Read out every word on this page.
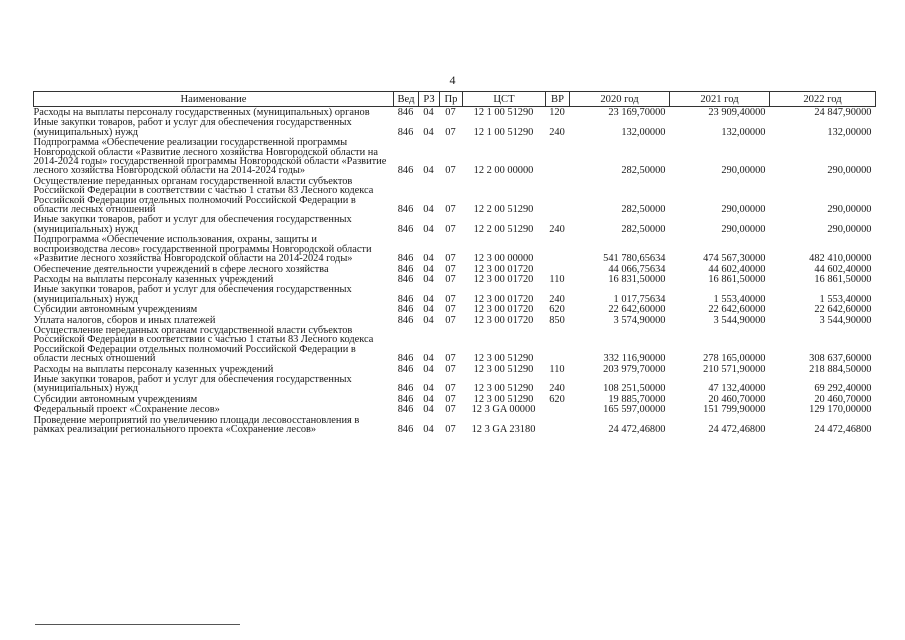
4
Наименование	Вед	РЗ	Пр	ЦСТ	ВР	2020 год	2021 год	2022 год
Расходы на выплаты персоналу государственных (муниципальных) органов	846	04	07	12 1 00 51290	120	23 169,70000	23 909,40000	24 847,90000
Иные закупки товаров, работ и услуг для обеспечения государственных (муниципальных) нужд	846	04	07	12 1 00 51290	240	132,00000	132,00000	132,00000
Подпрограмма «Обеспечение реализации государственной программы Новгородской области «Развитие лесного хозяйства Новгородской области на 2014-2024 годы» государственной программы Новгородской области «Развитие лесного хозяйства Новгородской области на 2014-2024 годы»	846	04	07	12 2 00 00000		282,50000	290,00000	290,00000
Осуществление переданных органам государственной власти субъектов Российской Федерации в соответствии с частью 1 статьи 83 Лесного кодекса Российской Федерации отдельных полномочий Российской Федерации в области лесных отношений	846	04	07	12 2 00 51290		282,50000	290,00000	290,00000
Иные закупки товаров, работ и услуг для обеспечения государственных (муниципальных) нужд	846	04	07	12 2 00 51290	240	282,50000	290,00000	290,00000
Подпрограмма «Обеспечение использования, охраны, защиты и воспроизводства лесов» государственной программы Новгородской области «Развитие лесного хозяйства Новгородской области на 2014-2024 годы»	846	04	07	12 3 00 00000		541 780,65634	474 567,30000	482 410,00000
Обеспечение деятельности учреждений в сфере лесного хозяйства	846	04	07	12 3 00 01720		44 066,75634	44 602,40000	44 602,40000
Расходы на выплаты персоналу казенных учреждений	846	04	07	12 3 00 01720	110	16 831,50000	16 861,50000	16 861,50000
Иные закупки товаров, работ и услуг для обеспечения государственных (муниципальных) нужд	846	04	07	12 3 00 01720	240	1 017,75634	1 553,40000	1 553,40000
Субсидии автономным учреждениям	846	04	07	12 3 00 01720	620	22 642,60000	22 642,60000	22 642,60000
Уплата налогов, сборов и иных платежей	846	04	07	12 3 00 01720	850	3 574,90000	3 544,90000	3 544,90000
Осуществление переданных органам государственной власти субъектов Российской Федерации в соответствии с частью 1 статьи 83 Лесного кодекса Российской Федерации отдельных полномочий Российской Федерации в области лесных отношений	846	04	07	12 3 00 51290		332 116,90000	278 165,00000	308 637,60000
Расходы на выплаты персоналу казенных учреждений	846	04	07	12 3 00 51290	110	203 979,70000	210 571,90000	218 884,50000
Иные закупки товаров, работ и услуг для обеспечения государственных (муниципальных) нужд	846	04	07	12 3 00 51290	240	108 251,50000	47 132,40000	69 292,40000
Субсидии автономным учреждениям	846	04	07	12 3 00 51290	620	19 885,70000	20 460,70000	20 460,70000
Федеральный проект «Сохранение лесов»	846	04	07	12 3 GA 00000		165 597,00000	151 799,90000	129 170,00000
Проведение мероприятий по увеличению площади лесовосстановления в рамках реализации регионального проекта «Сохранение лесов»	846	04	07	12 3 GA 23180		24 472,46800	24 472,46800	24 472,46800
